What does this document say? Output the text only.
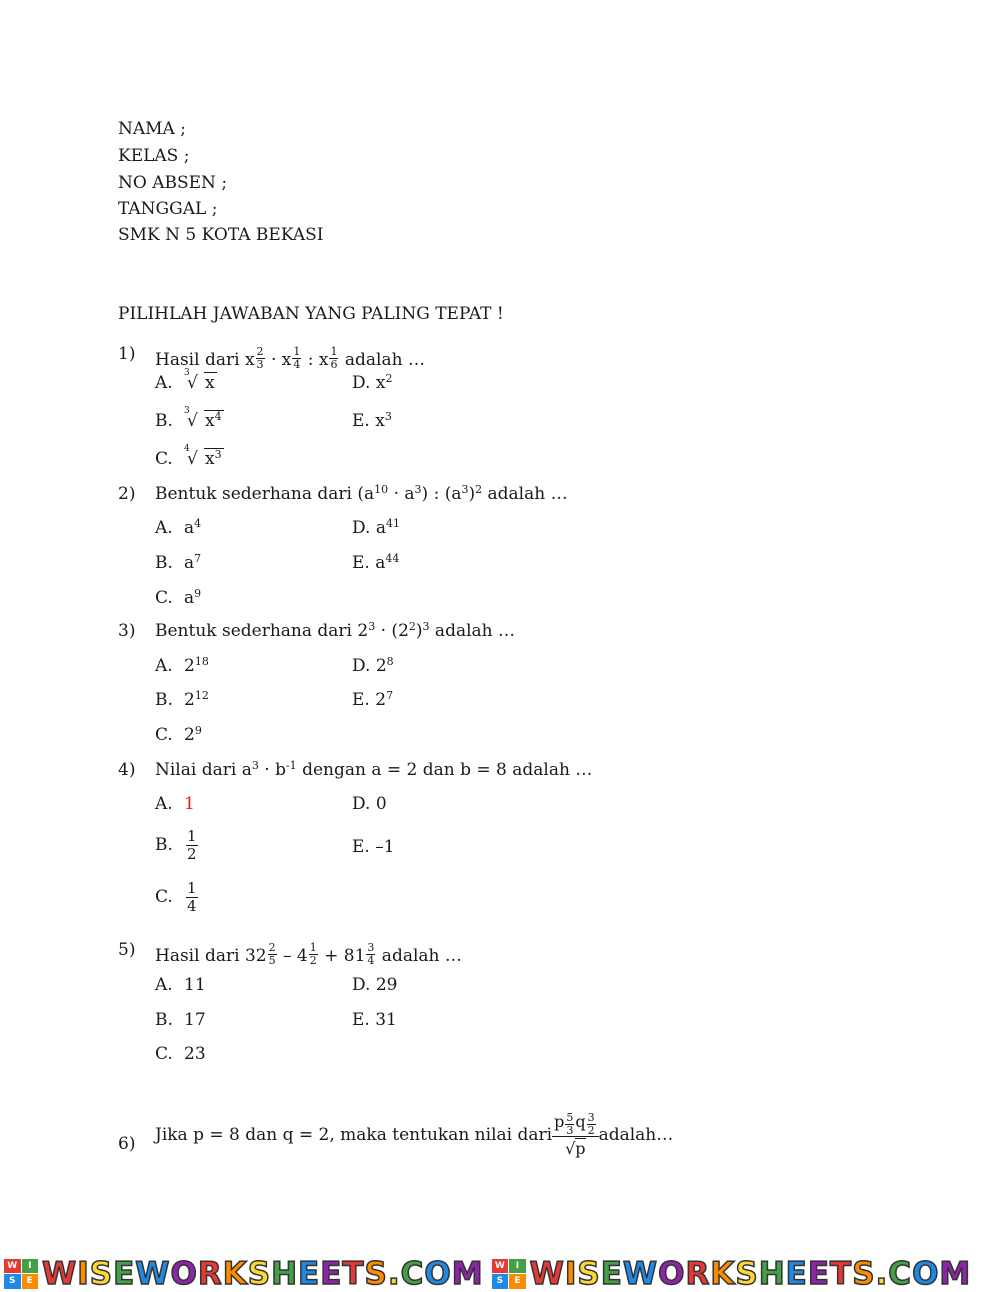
NAMA ;
KELAS ;
NO ABSEN ;
TANGGAL ;
SMK N 5 KOTA BEKASI
PILIHLAH JAWABAN YANG PALING TEPAT !
1) Hasil dari x $\frac{2}{3} \cdot x \frac{1}{4}$ : x $\frac{1}{6}$ adalah …
A. 3
√ x	D. $x^2$
B. 3
√ $x^4$	E. $x^3$
C. 4
√ $x^3$
2) Bentuk sederhana dari $(a^{10} \cdot a^3)$ : $(a^3)^2$ adalah …
A. $a^4$	D. $a^{41}$
B. $a^7$	E. $a^{44}$
C. $a^9$
3) Bentuk sederhana dari $2^3 \cdot (2^2)^3$ adalah …
A. $2^{18}$	D. $2^8$
B. $2^{12}$	E. $2^7$
C. $2^9$
4) Nilai dari $a^3 \cdot b^{-1}$ dengan a = 2 dan b = 8 adalah …
A. 1	D. 0
B. $\frac{1}{2}$	E. –1
C. $\frac{1}{4}$
5) Hasil dari $32 \frac{2}{5} - 4 \frac{1}{2} + 81 \frac{3}{4}$ adalah …
A. 11	D. 29
B. 17	E. 31
C. 23
6) Jika p = 8 dan q = 2, maka tentukan nilai dari $\frac{p \frac{5}{3} q \frac{3}{2}}{√p}$ adalah…
W	I
S	E WISEWORKSHEETS.COM	W	I
S	E WISEWORKSHEETS.COM
